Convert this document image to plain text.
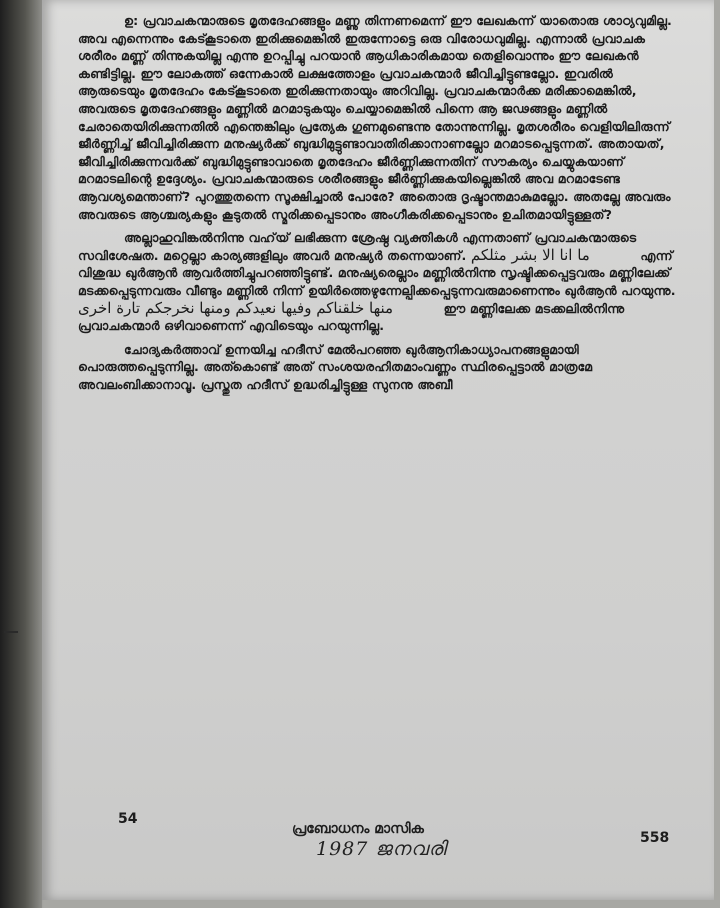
ഉ: പ്രവാചകന്മാരുടെ മൃതദേഹങ്ങളും മണ്ണു തിന്നണമെന്ന് ഈ ലേഖകന്ന് യാതൊരു ശാഠ്യവുമില്ല. അവ എന്നെന്നും കേട്കൂടാതെ ഇരിക്കുമെങ്കിൽ ഇരുന്നോട്ടെ ഒരു വിരോധവുമില്ല. എന്നാൽ പ്രവാചക ശരീരം മണ്ണ് തിന്നുകയില്ല എന്നു ഉറപ്പിച്ചു പറയാൻ ആധികാരികമായ തെളിവൊന്നും ഈ ലേഖകൻ കണ്ടിട്ടില്ല. ഈ ലോകത്ത് ഒന്നേകാൽ ലക്ഷത്തോളം പ്രവാചകന്മാർ ജീവിച്ചിട്ടുണ്ടല്ലോ. ഇവരിൽ ആരുടെയും മൃതദേഹം കേട്കൂടാതെ ഇരിക്കുന്നതായും അറിവില്ല. പ്രവാചകന്മാർക്ക മരിക്കാമെങ്കിൽ, അവരുടെ മൃതദേഹങ്ങളും മണ്ണിൽ മറമാടുകയും ചെയ്യാമെങ്കിൽ പിന്നെ ആ ജഢങ്ങളും മണ്ണിൽ ചേരാതെയിരിക്കുന്നതിൽ എന്തെങ്കിലും പ്രത്യേക ഗുണമുണ്ടെന്നു തോന്നുന്നില്ല. മൃതശരീരം വെളിയിലിരുന്ന് ജീർണ്ണിച്ച് ജീവിച്ചിരിക്കുന്ന മനുഷ്യർക്ക് ബുദ്ധിമുട്ടുണ്ടാവാതിരിക്കാനാണല്ലോ മറമാടപ്പെടുന്നത്. അതായത്, ജീവിച്ചിരിക്കുന്നവർക്ക് ബുദ്ധിമുട്ടുണ്ടാവാതെ മൃതദേഹം ജീർണ്ണിക്കുന്നതിന് സൗകര്യം ചെയ്യുകയാണ് മറമാടലിന്റെ ഉദ്ദേശ്യം. പ്രവാചകന്മാരുടെ ശരീരങ്ങളും ജീർണ്ണിക്കുകയില്ലെങ്കിൽ അവ മറമാടേണ്ട ആവശ്യമെന്താണ്? പുറത്തുതന്നെ സൂക്ഷിച്ചാൽ പോരേ? അതൊരു ദൃഷ്ടാന്തമാകുമല്ലോ. അതല്ലേ അവരും അവരുടെ ആശ്ചര്യകളും കൂടുതൽ സ്മരിക്കപ്പെടാനും അംഗീകരിക്കപ്പെടാനും ഉചിതമായിട്ടുള്ളത്?

അല്ലാഹുവിങ്കൽനിന്നു വഹ്‌യ് ലഭിക്കുന്ന ശ്രേഷ്ഠ വ്യക്തികൾ എന്നതാണ് പ്രവാചകന്മാരുടെ സവിശേഷത. മറ്റെല്ലാ കാര്യങ്ങളിലും അവർ മനുഷ്യർ തന്നെയാണ്. ما انا الا بشر مثلكم	എന്ന് വിശുദ്ധ ഖുർആൻ ആവർത്തിച്ചുപറഞ്ഞിട്ടുണ്ട്. മനുഷ്യരെല്ലാം മണ്ണിൽനിന്നു സൃഷ്ടിക്കപ്പെട്ടവരും മണ്ണിലേക്ക് മടക്കപ്പെടുന്നവരും വീണ്ടും മണ്ണിൽ നിന്ന് ഉയിർത്തെഴുന്നേല്പിക്കപ്പെടുന്നവരുമാണെന്നും ഖുർആൻ പറയുന്നു. منها خلقناكم وفيها نعيدكم ومنها نخرجكم تارة اخرى	ഈ മണ്ണിലേക്ക മടക്കലിൽനിന്നു പ്രവാചകന്മാർ ഒഴിവാണെന്ന് എവിടെയും പറയുന്നില്ല.

ചോദ്യകർത്താവ് ഉന്നയിച്ച ഹദീസ് മേൽപറഞ്ഞ ഖുർആനികാധ്യാപനങ്ങളുമായി പൊരുത്തപ്പെടുന്നില്ല. അത്കൊണ്ട് അത് സംശയരഹിതമാംവണ്ണം സ്ഥിരപ്പെട്ടാൽ മാത്രമേ അവലംബിക്കാനാവൂ. പ്രസ്തുത ഹദീസ് ഉദ്ധരിച്ചിട്ടുള്ള സുനനു അബീ

54
പ്രബോധനം മാസിക
558
1987 ജനവരി
